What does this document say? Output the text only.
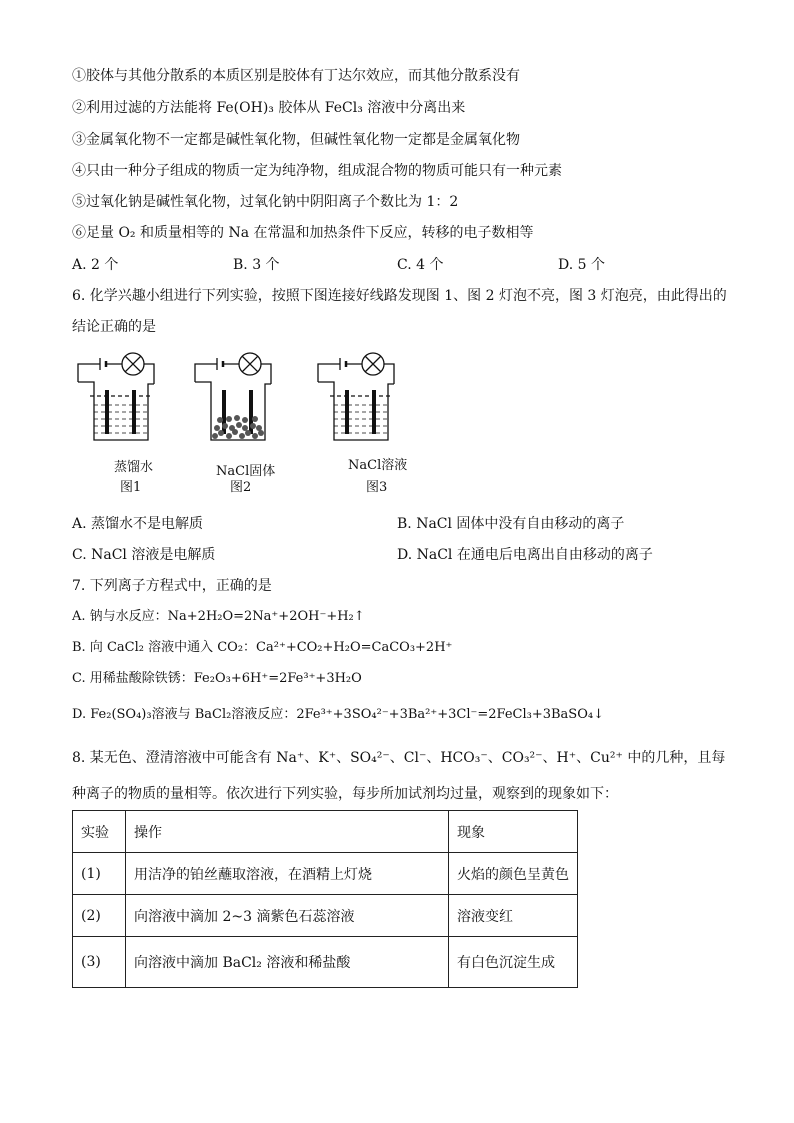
①胶体与其他分散系的本质区别是胶体有丁达尔效应，而其他分散系没有
②利用过滤的方法能将 Fe(OH)₃ 胶体从 FeCl₃ 溶液中分离出来
③金属氧化物不一定都是碱性氧化物，但碱性氧化物一定都是金属氧化物
④只由一种分子组成的物质一定为纯净物，组成混合物的物质可能只有一种元素
⑤过氧化钠是碱性氧化物，过氧化钠中阴阳离子个数比为 1：2
⑥足量 O₂ 和质量相等的 Na 在常温和加热条件下反应，转移的电子数相等
A. 2 个	B. 3 个	C. 4 个	D. 5 个
6. 化学兴趣小组进行下列实验，按照下图连接好线路发现图 1、图 2 灯泡不亮，图 3 灯泡亮，由此得出的
结论正确的是
蒸馏水
图1
NaCl固体
图2
NaCl溶液
图3
A. 蒸馏水不是电解质	B. NaCl 固体中没有自由移动的离子
C. NaCl 溶液是电解质	D. NaCl 在通电后电离出自由移动的离子
7. 下列离子方程式中，正确的是
A. 钠与水反应：Na+2H₂O=2Na⁺+2OH⁻+H₂↑
B. 向 CaCl₂ 溶液中通入 CO₂：Ca²⁺+CO₂+H₂O=CaCO₃+2H⁺
C. 用稀盐酸除铁锈：Fe₂O₃+6H⁺=2Fe³⁺+3H₂O
D. Fe₂(SO₄)₃溶液与 BaCl₂溶液反应：2Fe³⁺+3SO₄²⁻+3Ba²⁺+3Cl⁻=2FeCl₃+3BaSO₄↓
8. 某无色、澄清溶液中可能含有 Na⁺、K⁺、SO₄²⁻、Cl⁻、HCO₃⁻、CO₃²⁻、H⁺、Cu²⁺ 中的几种，且每
种离子的物质的量相等。依次进行下列实验，每步所加试剂均过量，观察到的现象如下：
实验	操作	现象
(1)	用洁净的铂丝蘸取溶液，在酒精上灯烧	火焰的颜色呈黄色
(2)	向溶液中滴加 2~3 滴紫色石蕊溶液	溶液变红
(3)	向溶液中滴加 BaCl₂ 溶液和稀盐酸	有白色沉淀生成
